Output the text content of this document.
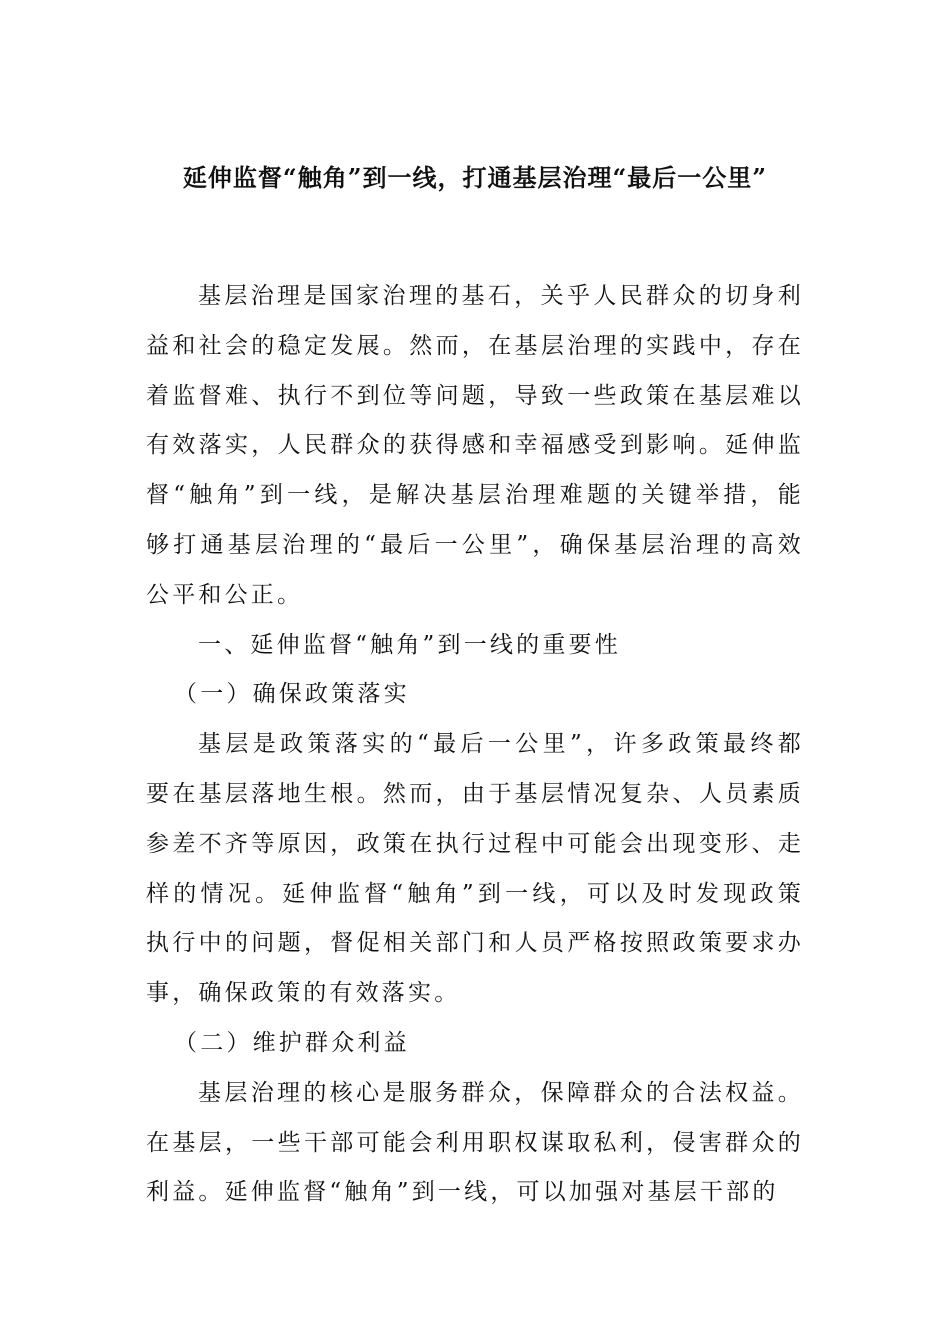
延伸监督“触角”到一线，打通基层治理“最后一公里”

基层治理是国家治理的基石，关乎人民群众的切身利益和社会的稳定发展。然而，在基层治理的实践中，存在着监督难、执行不到位等问题，导致一些政策在基层难以有效落实，人民群众的获得感和幸福感受到影响。延伸监督“触角”到一线，是解决基层治理难题的关键举措，能够打通基层治理的“最后一公里”，确保基层治理的高效公平和公正。

一、延伸监督“触角”到一线的重要性

（一）确保政策落实

基层是政策落实的“最后一公里”，许多政策最终都要在基层落地生根。然而，由于基层情况复杂、人员素质参差不齐等原因，政策在执行过程中可能会出现变形、走样的情况。延伸监督“触角”到一线，可以及时发现政策执行中的问题，督促相关部门和人员严格按照政策要求办事，确保政策的有效落实。

（二）维护群众利益

基层治理的核心是服务群众，保障群众的合法权益。在基层，一些干部可能会利用职权谋取私利，侵害群众的利益。延伸监督“触角”到一线，可以加强对基层干部的
